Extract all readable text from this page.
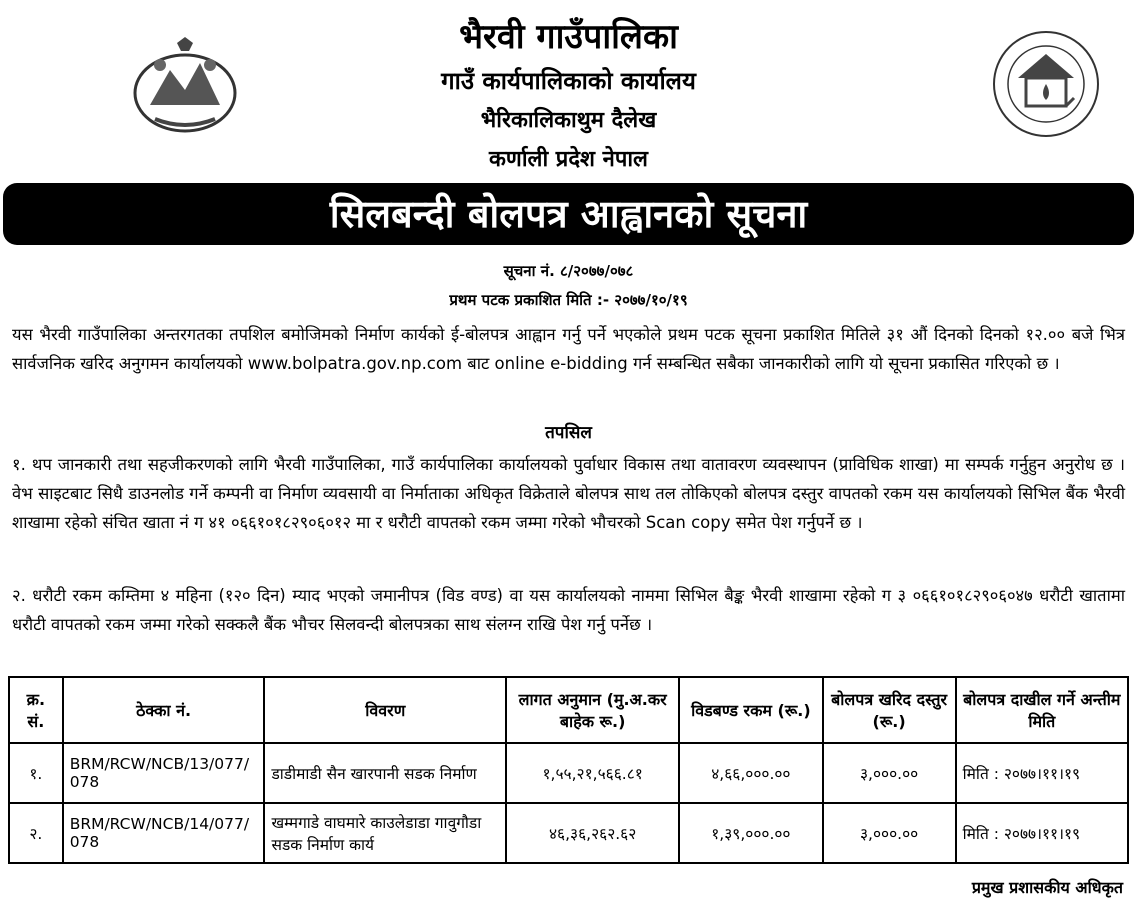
भैरवी गाउँपालिका
गाउँ कार्यपालिकाको कार्यालय
भैरिकालिकाथुम दैलेख
कर्णाली प्रदेश नेपाल
सिलबन्दी बोलपत्र आह्वानको सूचना
सूचना नं. ८/२०७७/०७८
प्रथम पटक प्रकाशित मिति :- २०७७/१०/१९
यस भैरवी गाउँपालिका अन्तरगतका तपशिल बमोजिमको निर्माण कार्यको ई-बोलपत्र आह्वान गर्नु पर्ने भएकोले प्रथम पटक सूचना प्रकाशित मितिले ३१ औं दिनको दिनको १२.०० बजे भित्र सार्वजनिक खरिद अनुगमन कार्यालयको www.bolpatra.gov.np.com बाट online e-bidding गर्न सम्बन्धित सबैका जानकारीको लागि यो सूचना प्रकासित गरिएको छ ।
तपसिल
१. थप जानकारी तथा सहजीकरणको लागि भैरवी गाउँपालिका, गाउँ कार्यपालिका कार्यालयको पुर्वाधार विकास तथा वातावरण व्यवस्थापन (प्राविधिक शाखा) मा सम्पर्क गर्नुहुन अनुरोध छ । वेभ साइटबाट सिधै डाउनलोड गर्ने कम्पनी वा निर्माण व्यवसायी वा निर्माताका अधिकृत विक्रेताले बोलपत्र साथ तल तोकिएको बोलपत्र दस्तुर वापतको रकम यस कार्यालयको सिभिल बैंक भैरवी शाखामा रहेको संचित खाता नं ग ४१ ०६६१०१८२९०६०१२ मा र धरौटी वापतको रकम जम्मा गरेको भौचरको Scan copy समेत पेश गर्नुपर्ने छ ।
२. धरौटी रकम कम्तिमा ४ महिना (१२० दिन) म्याद भएको जमानीपत्र (विड वण्ड) वा यस कार्यालयको नाममा सिभिल बैङ्क भैरवी शाखामा रहेको ग ३ ०६६१०१८२९०६०४७ धरौटी खातामा धरौटी वापतको रकम जम्मा गरेको सक्कलै बैंक भौचर सिलवन्दी बोलपत्रका साथ संलग्न राखि पेश गर्नु पर्नेछ ।
क्र. सं.	ठेक्का नं.	विवरण	लागत अनुमान (मु.अ.कर बाहेक रू.)	विडबण्ड रकम (रू.)	बोलपत्र खरिद दस्तुर (रू.)	बोलपत्र दाखील गर्ने अन्तीम मिति
१.	BRM/RCW/NCB/13/077/078	डाडीमाडी सैन खारपानी सडक निर्माण	१,५५,२१,५६६.८१	४,६६,०००.००	३,०००.००	मिति : २०७७।११।१९
२.	BRM/RCW/NCB/14/077/078	खम्मगाडे वाघमारे काउलेडाडा गावुगौडा सडक निर्माण कार्य	४६,३६,२६२.६२	१,३९,०००.००	३,०००.००	मिति : २०७७।११।१९
प्रमुख प्रशासकीय अधिकृत
